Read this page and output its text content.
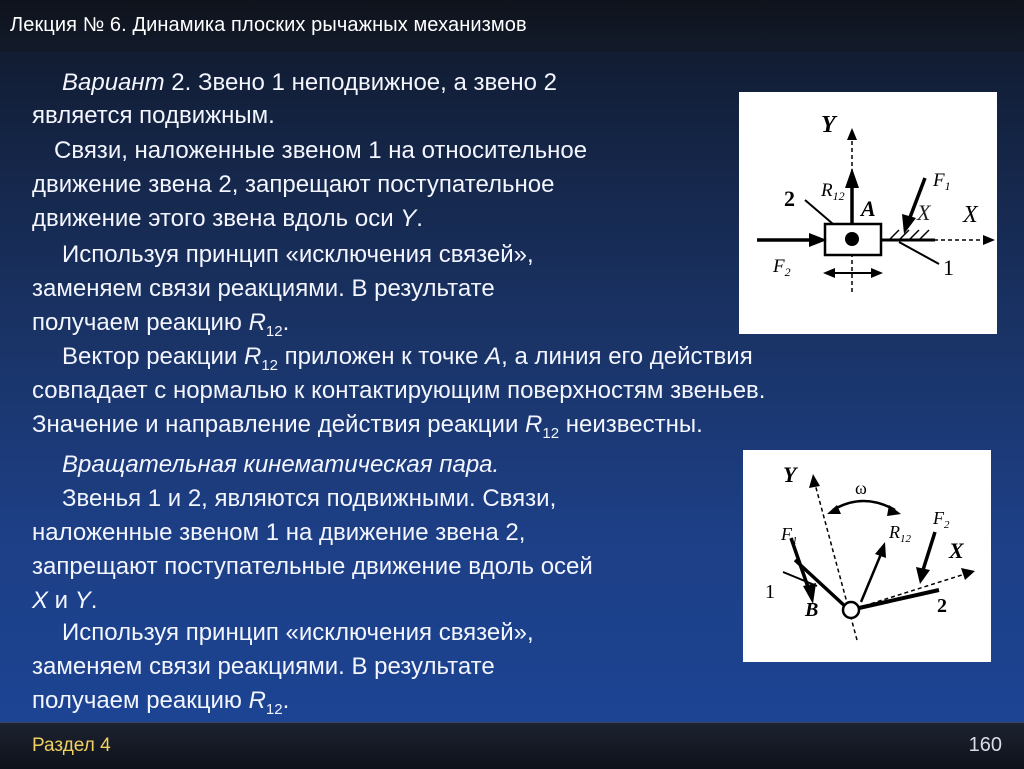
Лекция № 6. Динамика плоских рычажных механизмов
Вариант 2. Звено 1 неподвижное, а звено 2
является подвижным.
Связи, наложенные звеном 1 на относительное
движение звена 2, запрещают поступательное
движение этого звена вдоль оси Y.
Используя принцип «исключения связей»,
заменяем связи реакциями. В результате
получаем реакцию $R_{12}$.
Вектор реакции $R_{12}$ приложен к точке А, а линия его действия
совпадает с нормалью к контактирующим поверхностям звеньев.
Значение и направление действия реакции $R_{12}$ неизвестны.
Вращательная кинематическая пара.
Звенья 1 и 2, являются подвижными. Связи,
наложенные звеном 1 на движение звена 2,
запрещают поступательные движение вдоль осей
X и Y.
Используя принцип «исключения связей»,
заменяем связи реакциями. В результате
получаем реакцию $R_{12}$.
Y
X
1
A
2
$F_2$
$F_1$
$R_{12}$
X
Y
ω
X
1
2
B
$F_1$	$R_{12}$
$F_2$
Раздел 4	160
